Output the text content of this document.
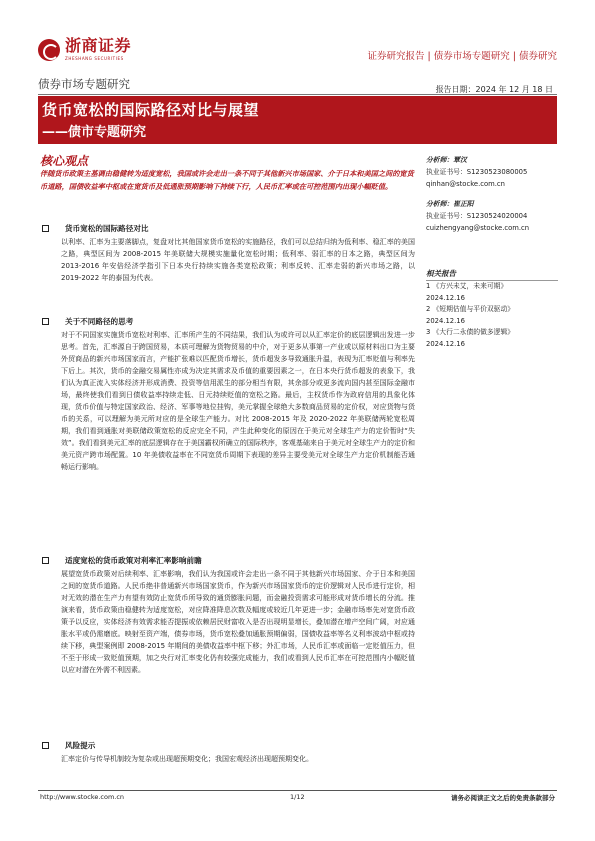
浙商证券
ZHESHANG SECURITIES	证券研究报告 | 债券市场专题研究 | 债券研究
债券市场专题研究	报告日期：2024 年 12 月 18 日
货币宽松的国际路径对比与展望
——债市专题研究
核心观点
伴随货币政策主基调由稳健转为适度宽松，我国或许会走出一条不同于其他新兴市场国家、介于日本和美国之间的宽货币道路，国债收益率中枢或在宽货币及低通胀预期影响下持续下行，人民币汇率或在可控范围内出现小幅贬值。
分析师：覃汉
执业证书号：S1230523080005
qinhan@stocke.com.cn
分析师：崔正阳
执业证书号：S1230524020004
cuizhengyang@stocke.com.cn
相关报告
1 《方兴未艾，未来可期》
2024.12.16
2 《短期估值与平价双驱动》
2024.12.16
3 《大行二永债的做多逻辑》
2024.12.16
货币宽松的国际路径对比
以利率、汇率为主要落脚点，复盘对比其他国家货币宽松的实施路径，我们可以总结归纳为低利率、稳汇率的美国之路，典型区间为 2008-2015 年美联储大规模实施量化宽松时期；低利率、弱汇率的日本之路，典型区间为 2013-2016 年安倍经济学指引下日本央行持续实施各类宽松政策；利率反转、汇率走弱的新兴市场之路，以 2019-2022 年的泰国为代表。
关于不同路径的思考
对于不同国家实施货币宽松对利率、汇率所产生的不同结果，我们认为或许可以从汇率定价的底层逻辑出发进一步思考。首先，汇率源自于跨国贸易，本质可理解为货物贸易的中介，对于更多从事第一产业或以原材料出口为主要外贸商品的新兴市场国家而言，产能扩张难以匹配货币增长，货币超发多导致通胀升温，表现为汇率贬值与利率先下后上。其次，货币的金融交易属性亦成为决定其需求及币值的重要因素之一，在日本央行货币超发的表象下，我们认为真正流入实体经济并形成消费、投资等信用派生的部分相当有限，其余部分或更多流向国内甚至国际金融市场，最终使我们看到日债收益率持续走低、日元持续贬值的宽松之路。最后，主权货币作为政府信用的具象化体现，货币价值与特定国家政治、经济、军事等地位挂钩，美元掌握全球绝大多数商品贸易的定价权，对应货物与货币的关系，可以理解为美元所对应的是全球生产能力。对比 2008-2015 年及 2020-2022 年美联储两轮宽松周期，我们看到通胀对美联储政策宽松的反应完全不同，产生此种变化的原因在于美元对全球生产力的定价暂时“失效”。我们看到美元汇率的底层逻辑存在于美国霸权所确立的国际秩序，客观基础来自于美元对全球生产力的定价和美元资产跨市场配置。10 年美债收益率在不同宽货币周期下表现的差异主要受美元对全球生产力定价机制能否通畅运行影响。
适度宽松的货币政策对利率汇率影响前瞻
展望宽货币政策对后续利率、汇率影响，我们认为我国或许会走出一条不同于其他新兴市场国家、介于日本和美国之间的宽货币道路。人民币绝非普通新兴市场国家货币，作为新兴市场国家货币的定价逻辑对人民币进行定价，相对无效的潜在生产力有望有效防止宽货币所导致的通货膨胀问题，而金融投资需求可能形成对货币增长的分流。推演来看，货币政策由稳健转为适度宽松，对应降准降息次数及幅度或较近几年更进一步；金融市场率先对宽货币政策予以反应，实体经济有效需求能否提振或依赖居民财富收入是否出现明显增长，叠加潜在增产空间广阔，对应通胀水平或仍需磨底。映射至资产端，债券市场，货币宽松叠加通胀预期偏弱，国债收益率等名义利率波动中枢或持续下移，典型案例即 2008-2015 年期间的美债收益率中枢下移；外汇市场，人民币汇率或面临一定贬值压力，但不至于形成一致贬值预期，加之央行对汇率变化仍有较强完成能力，我们或看到人民币汇率在可控范围内小幅贬值以应对潜在外需不利因素。
风险提示
汇率定价与传导机制较为复杂或出现超预期变化；我国宏观经济出现超预期变化。
http://www.stocke.com.cn	1/12	请务必阅读正文之后的免责条款部分
